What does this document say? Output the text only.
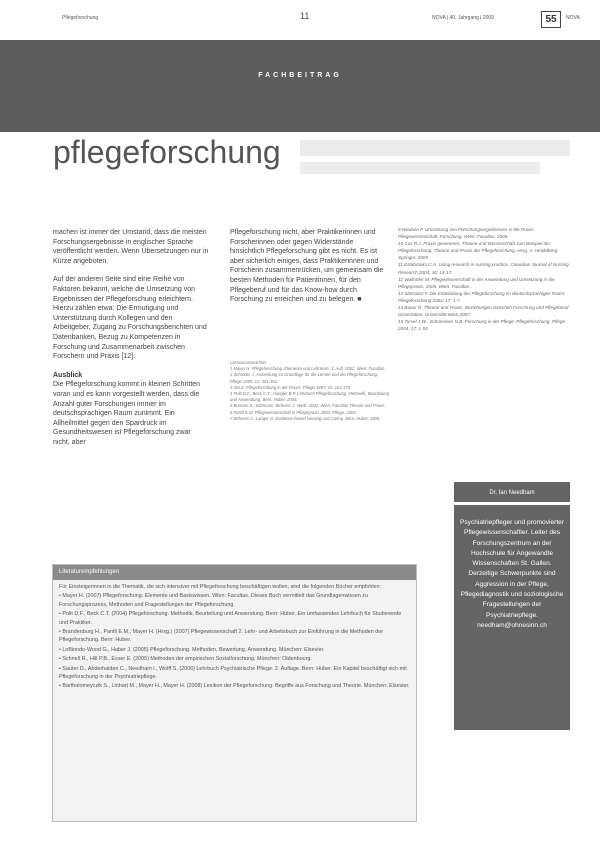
Pflegeforschung	11	NOVA | 40. Jahrgang | 2009	55	NOVA
FACHBEITRAG
pflegeforschung

machen ist immer der Umstand, dass die meisten Forschungsergebnisse in englischer Sprache veröffentlicht werden. Wenn Übersetzungen nur in Kürze angeboten.

Auf der anderen Seite sind eine Reihe von Faktoren bekannt, welche die Umsetzung von Ergebnissen der Pflegeforschung erleichtern. Hierzu zählen etwa: Die Ermutigung und Unterstützung durch Kollegen und den Arbeitgeber, Zugang zu Forschungsberichten und Datenbanken, Bezug zu Kompetenzen in Forschung und Zusammenarbeit zwischen Forschern und Praxis [12].

Ausblick

Die Pflegeforschung kommt in kleinen Schritten voran und es kann vorgestellt werden, dass die Anzahl guter Forschungen immer im deutschsprachigen Raum zunimmt. Ein Allheilmittel gegen den Spardruck im Gesundheitswesen ist Pflegeforschung zwar nicht, aber

Pflegeforschung nicht, aber Praktikerinnen und Forscherinnen oder gegen Widerstände hinsichtlich Pflegeforschung gibt es nicht. Es ist aber sicherlich einiges, dass Praktikerinnen und Forscherin zusammenrücken, um gemeinsam die besten Methoden für Patientinnen, für den Pflegeberuf und für das Know-how durch Forschung zu erreichen und zu belegen. ■

Literaturverzeichnis
1 Mayer H. Pflegeforschung. Elemente und Lehrtexte. 3. Aufl. 2002, Wien: Facultas.
2 Schröder J. Anmerkung zu Grundlage für die Lernen und die Pflegeforschung. Pflege 1999; 12: 351-362.
3 Abt-Z. Pflegeforschung in der Praxis. Pflege 1997; 10: 163-170.
4 Polit D.F., Beck C.T., Hungler B.P. Lehrbuch Pflegeforschung. Methodik, Beurteilung und Anwendung. Bern: Huber, 2004.
5 Brenner S., Kitzmann, Behrens J. Weiß, 2003, Wien: Facultas Theorie und Praxis.
6 Panfil E.M. Pflegewissenschaft in Pflegepraxis 2003, Pflege, 2004.
7 Behrens J., Langer G. Evidence-based Nursing und Caring. Bern: Huber, 2006.
9 Nieuben F. Umsetzung von Forschungsergebnissen in die Praxis. Pflegewissenschaft. Forschung. Wien: Facultas, 2006.
10 Cox R.J. Praxis generieren, Theorie und Wissenschaft zum Beispiel der Pflegeforschung. Theorie und Praxis der Pflegeforschung. Hrsg. A. Heidelberg: Springer, 2005.
11 Estabrooks C.A. Using research in nursing practice. Canadian Journal of Nursing Research 2004; 36: 14-17.
12 Wallnöfer M. Pflegewissenschaft in der Anwendung und Umsetzung in die Pflegepraxis, 2005. Wien: Facultas.
13 Sitzmann F. Die Entwicklung der Pflegeforschung im deutschsprachigen Raum. Pflegeforschung 2004; 17: 1-7.
14 Bauer R. Theorie und Praxis. Beziehungen zwischen Forschung und Pflegeberuf. Dissertation, Universität Wien 2007.
15 Tiesel J.W., Schmeisser N.B. Forschung in der Pflege. Pflegeforschung. Pflege 2004; 17: 1-55.
Literaturempfehlungen
Für Einsteigerinnen in die Thematik, die sich intensiver mit Pflegeforschung beschäftigen wollen, sind die folgenden Bücher empfohlen:
• Mayer H. (2007) Pflegeforschung. Elemente und Basiswissen. Wien: Facultas. Dieses Buch vermittelt das Grundlagenwissen zu Forschungsprozess, Methoden und Fragestellungen der Pflegeforschung.
• Polit D.F., Beck C.T. (2004) Pflegeforschung. Methodik, Beurteilung und Anwendung. Bern: Huber. Ein umfassendes Lehrbuch für Studierende und Praktiker.
• Brandenburg H., Panfil E.M., Mayer H. (Hrsg.) (2007) Pflegewissenschaft 2. Lehr- und Arbeitsbuch zur Einführung in die Methoden der Pflegeforschung. Bern: Huber.
• LoBiondo-Wood G., Haber J. (2005) Pflegeforschung. Methoden, Bewertung, Anwendung. München: Elsevier.
• Schnell R., Hill P.B., Esser E. (2005) Methoden der empirischen Sozialforschung. München: Oldenbourg.
• Sauter D., Abderhalden C., Needham I., Wolff S. (2006) Lehrbuch Psychiatrische Pflege. 2. Auflage. Bern: Huber. Ein Kapitel beschäftigt sich mit Pflegeforschung in der Psychiatriepflege.
• Bartholomeyczik S., Linhart M., Mayer H., Mayer H. (2008) Lexikon der Pflegeforschung. Begriffe aus Forschung und Theorie. München: Elsevier.
Dr. Ian Needham
Psychiatriepfleger und promovierter Pflegewissenschaftler. Leiter des Forschungszentrum an der Hochschule für Angewandte Wissenschaften St. Gallen. Derzeitige Schwerpunkte sind Aggression in der Pflege, Pflegediagnostik und soziologische Fragestellungen der Psychiatriepflege. needham@ohnesinn.ch
